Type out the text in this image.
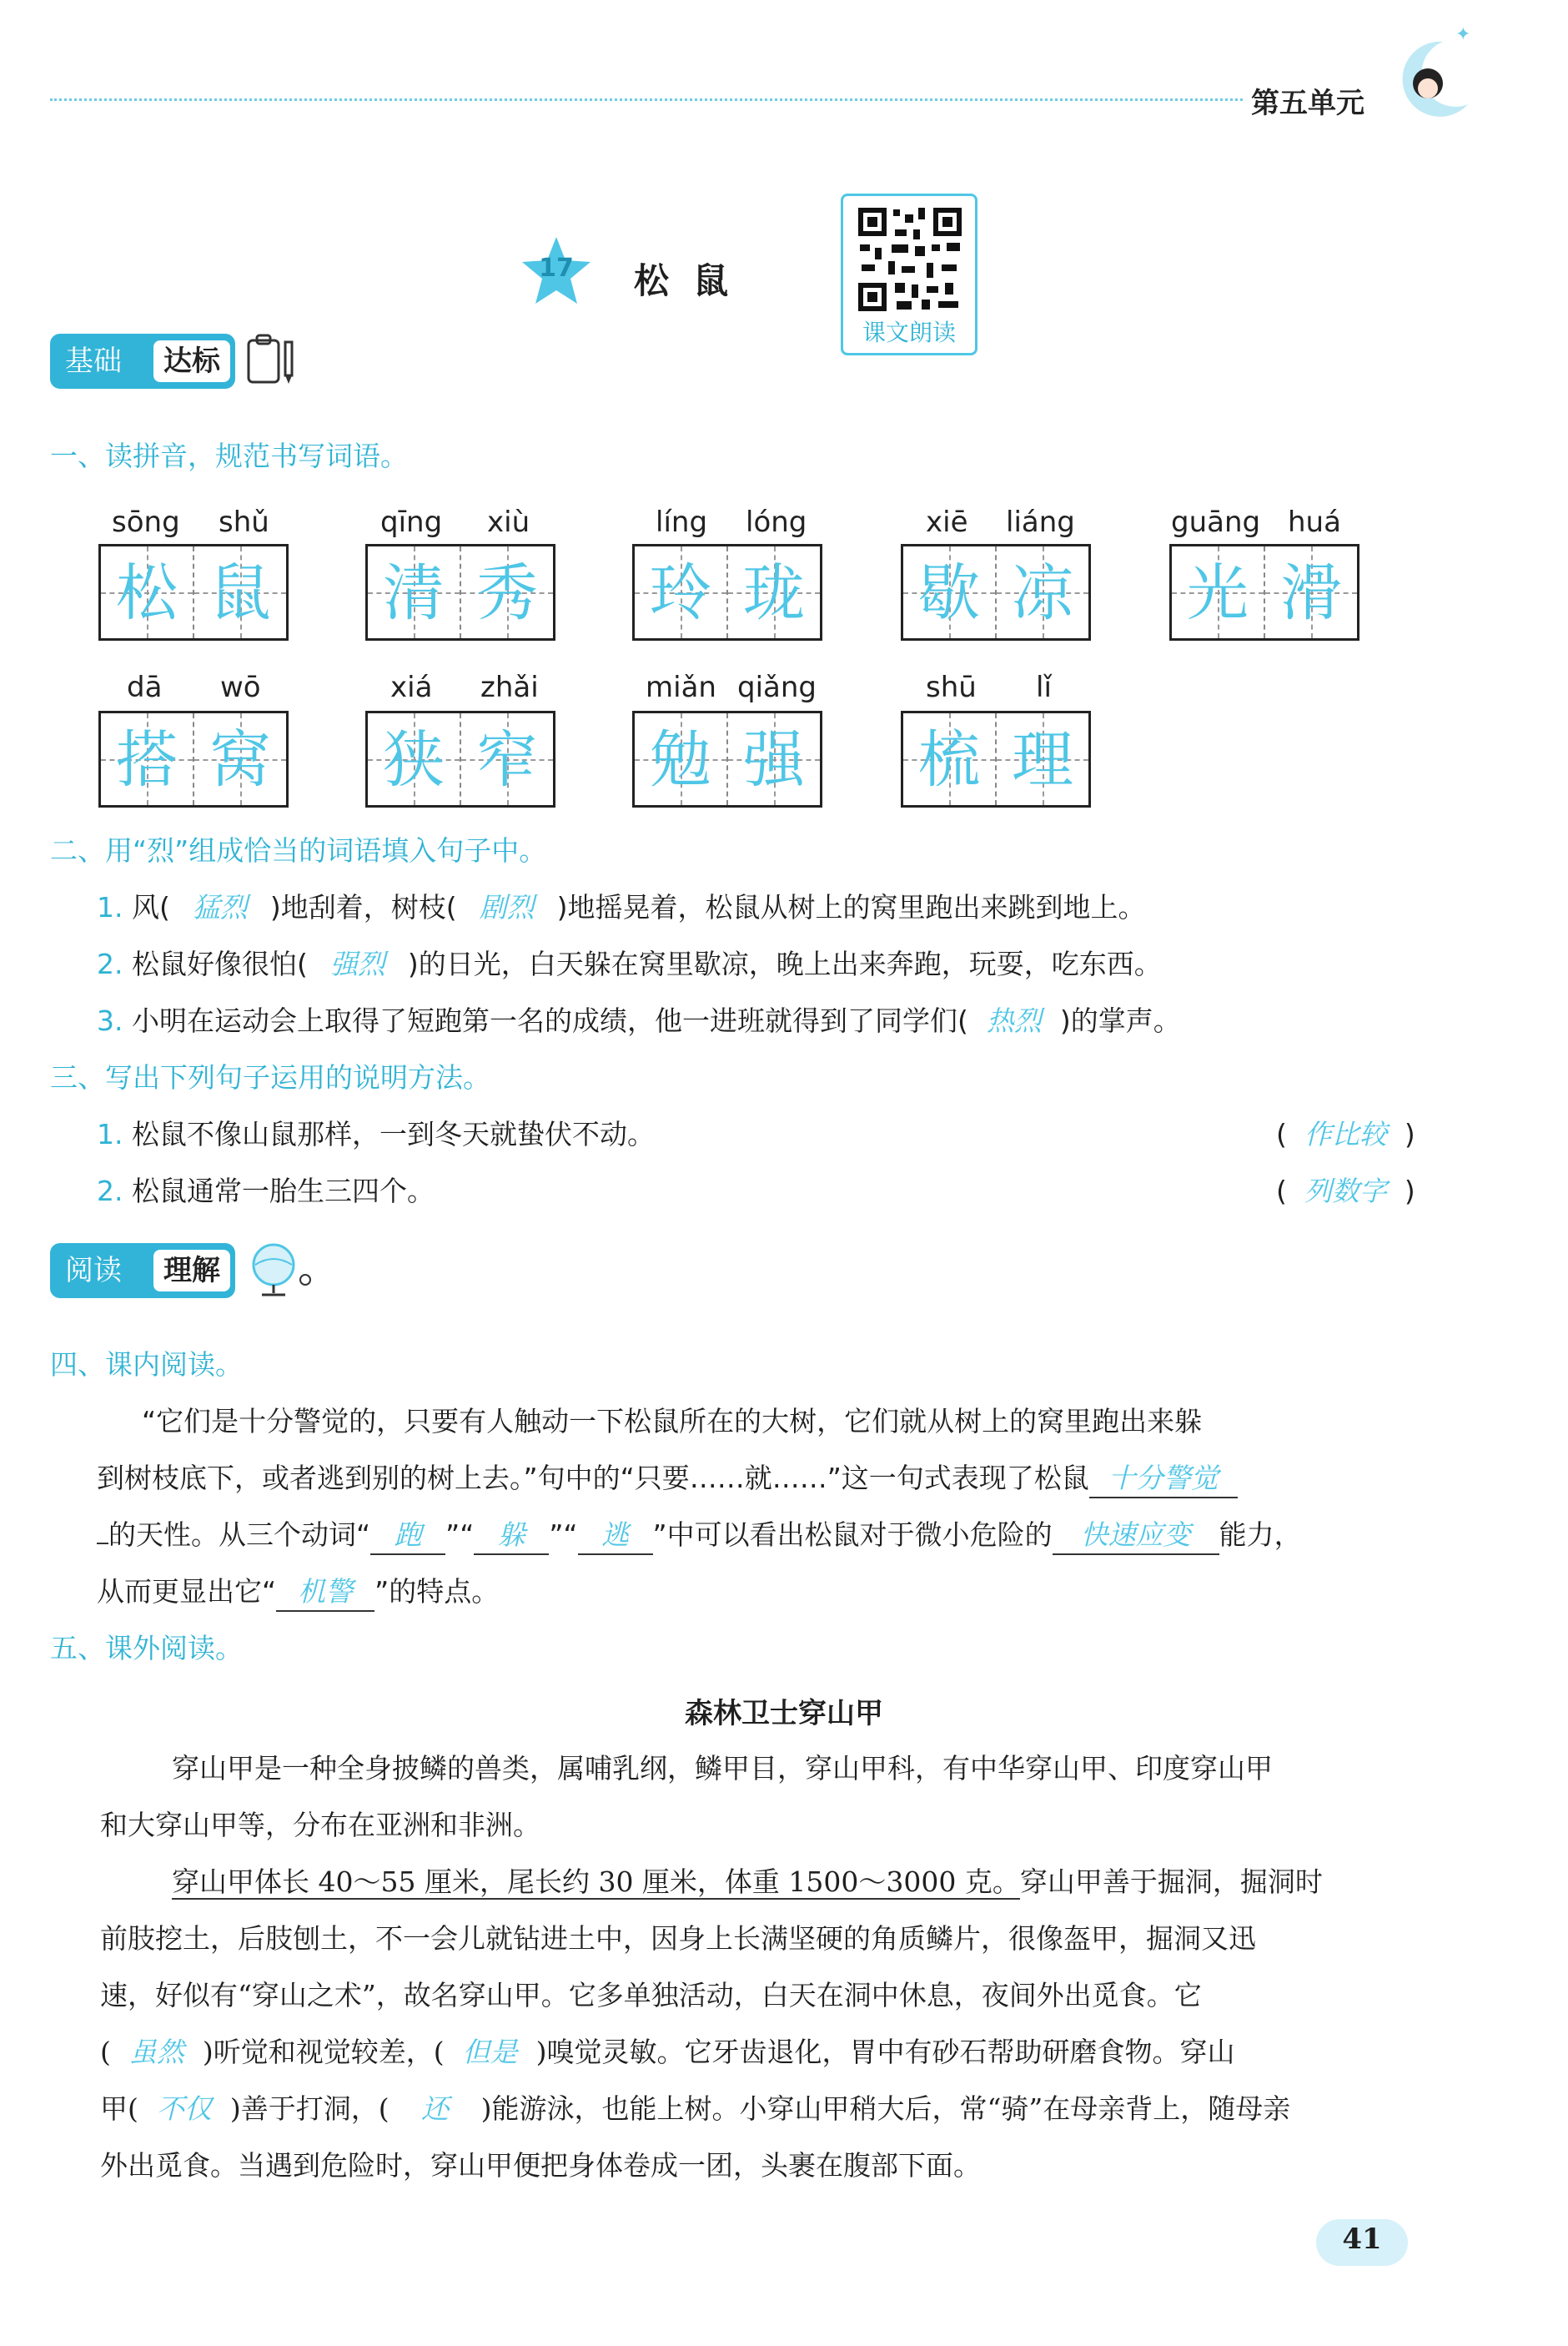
第五单元
✦
17 松  鼠
课文朗读
基础	达标
一、读拼音，规范书写词语。
sōng shǔ
松 鼠
qīng xiù
清 秀
líng lóng
玲 珑
xiē liáng
歇 凉
guāng huá
光 滑
dā wō
搭 窝
xiá zhǎi
狭 窄
miǎn qiǎng
勉 强
shū lǐ
梳 理
二、用“烈”组成恰当的词语填入句子中。
1. 风( 猛烈 )地刮着，树枝( 剧烈 )地摇晃着，松鼠从树上的窝里跑出来跳到地上。
2. 松鼠好像很怕( 强烈 )的日光，白天躲在窝里歇凉，晚上出来奔跑，玩耍，吃东西。
3. 小明在运动会上取得了短跑第一名的成绩，他一进班就得到了同学们( 热烈 )的掌声。
三、写出下列句子运用的说明方法。
1. 松鼠不像山鼠那样，一到冬天就蛰伏不动。	( 作比较 )
2. 松鼠通常一胎生三四个。	( 列数字 )
阅读	理解
四、课内阅读。
“它们是十分警觉的，只要有人触动一下松鼠所在的大树，它们就从树上的窝里跑出来躲
到树枝底下，或者逃到别的树上去。”句中的“只要……就……”这一句式表现了松鼠 十分警觉
的天性。从三个动词“ 跑 ”“ 躲 ”“ 逃 ”中可以看出松鼠对于微小危险的 快速应变 能力，
从而更显出它“ 机警 ”的特点。
五、课外阅读。
森林卫士穿山甲
穿山甲是一种全身披鳞的兽类，属哺乳纲，鳞甲目，穿山甲科，有中华穿山甲、印度穿山甲
和大穿山甲等，分布在亚洲和非洲。
穿山甲体长 40～55 厘米，尾长约 30 厘米，体重 1500～3000 克。穿山甲善于掘洞，掘洞时
前肢挖土，后肢刨土，不一会儿就钻进土中，因身上长满坚硬的角质鳞片，很像盔甲，掘洞又迅
速，好似有“穿山之术”，故名穿山甲。它多单独活动，白天在洞中休息，夜间外出觅食。它
( 虽然 )听觉和视觉较差，( 但是 )嗅觉灵敏。它牙齿退化，胃中有砂石帮助研磨食物。穿山
甲( 不仅 )善于打洞，( 还 )能游泳，也能上树。小穿山甲稍大后，常“骑”在母亲背上，随母亲
外出觅食。当遇到危险时，穿山甲便把身体卷成一团，头裹在腹部下面。
41
